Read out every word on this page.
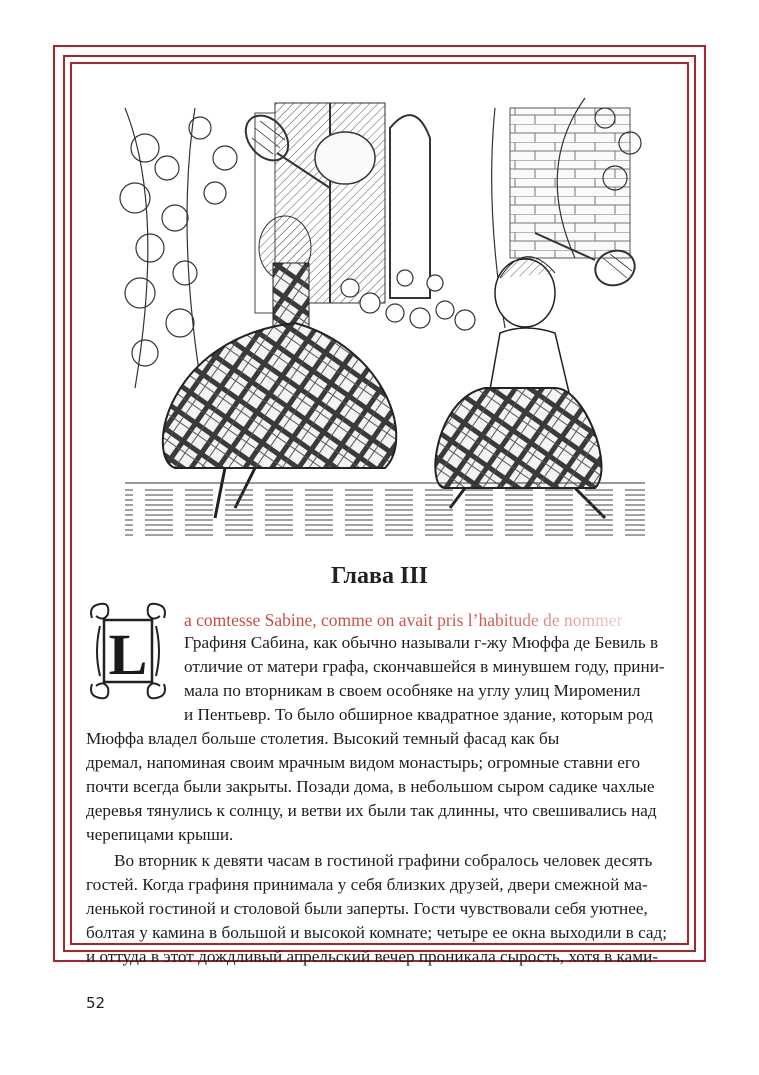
Глава III
L
a comtesse Sabine, comme on avait pris l’habitude de nommer
Графиня Сабина, как обычно называли г-жу Мюффа де Бевиль в
отличие от матери графа, скончавшейся в минувшем году, прини-
мала по вторникам в своем особняке на углу улиц Мироменил
и Пентьевр. То было обширное квадратное здание, которым род
Мюффа владел больше столетия. Высокий темный фасад как бы
дремал, напоминая своим мрачным видом монастырь; огромные ставни его
почти всегда были закрыты. Позади дома, в небольшом сыром садике чахлые
деревья тянулись к солнцу, и ветви их были так длинны, что свешивались над
черепицами крыши.
Во вторник к девяти часам в гостиной графини собралось человек десять
гостей. Когда графиня принимала у себя близких друзей, двери смежной ма-
ленькой гостиной и столовой были заперты. Гости чувствовали себя уютнее,
болтая у камина в большой и высокой комнате; четыре ее окна выходили в сад;
и оттуда в этот дождливый апрельский вечер проникала сырость, хотя в ками-
52
